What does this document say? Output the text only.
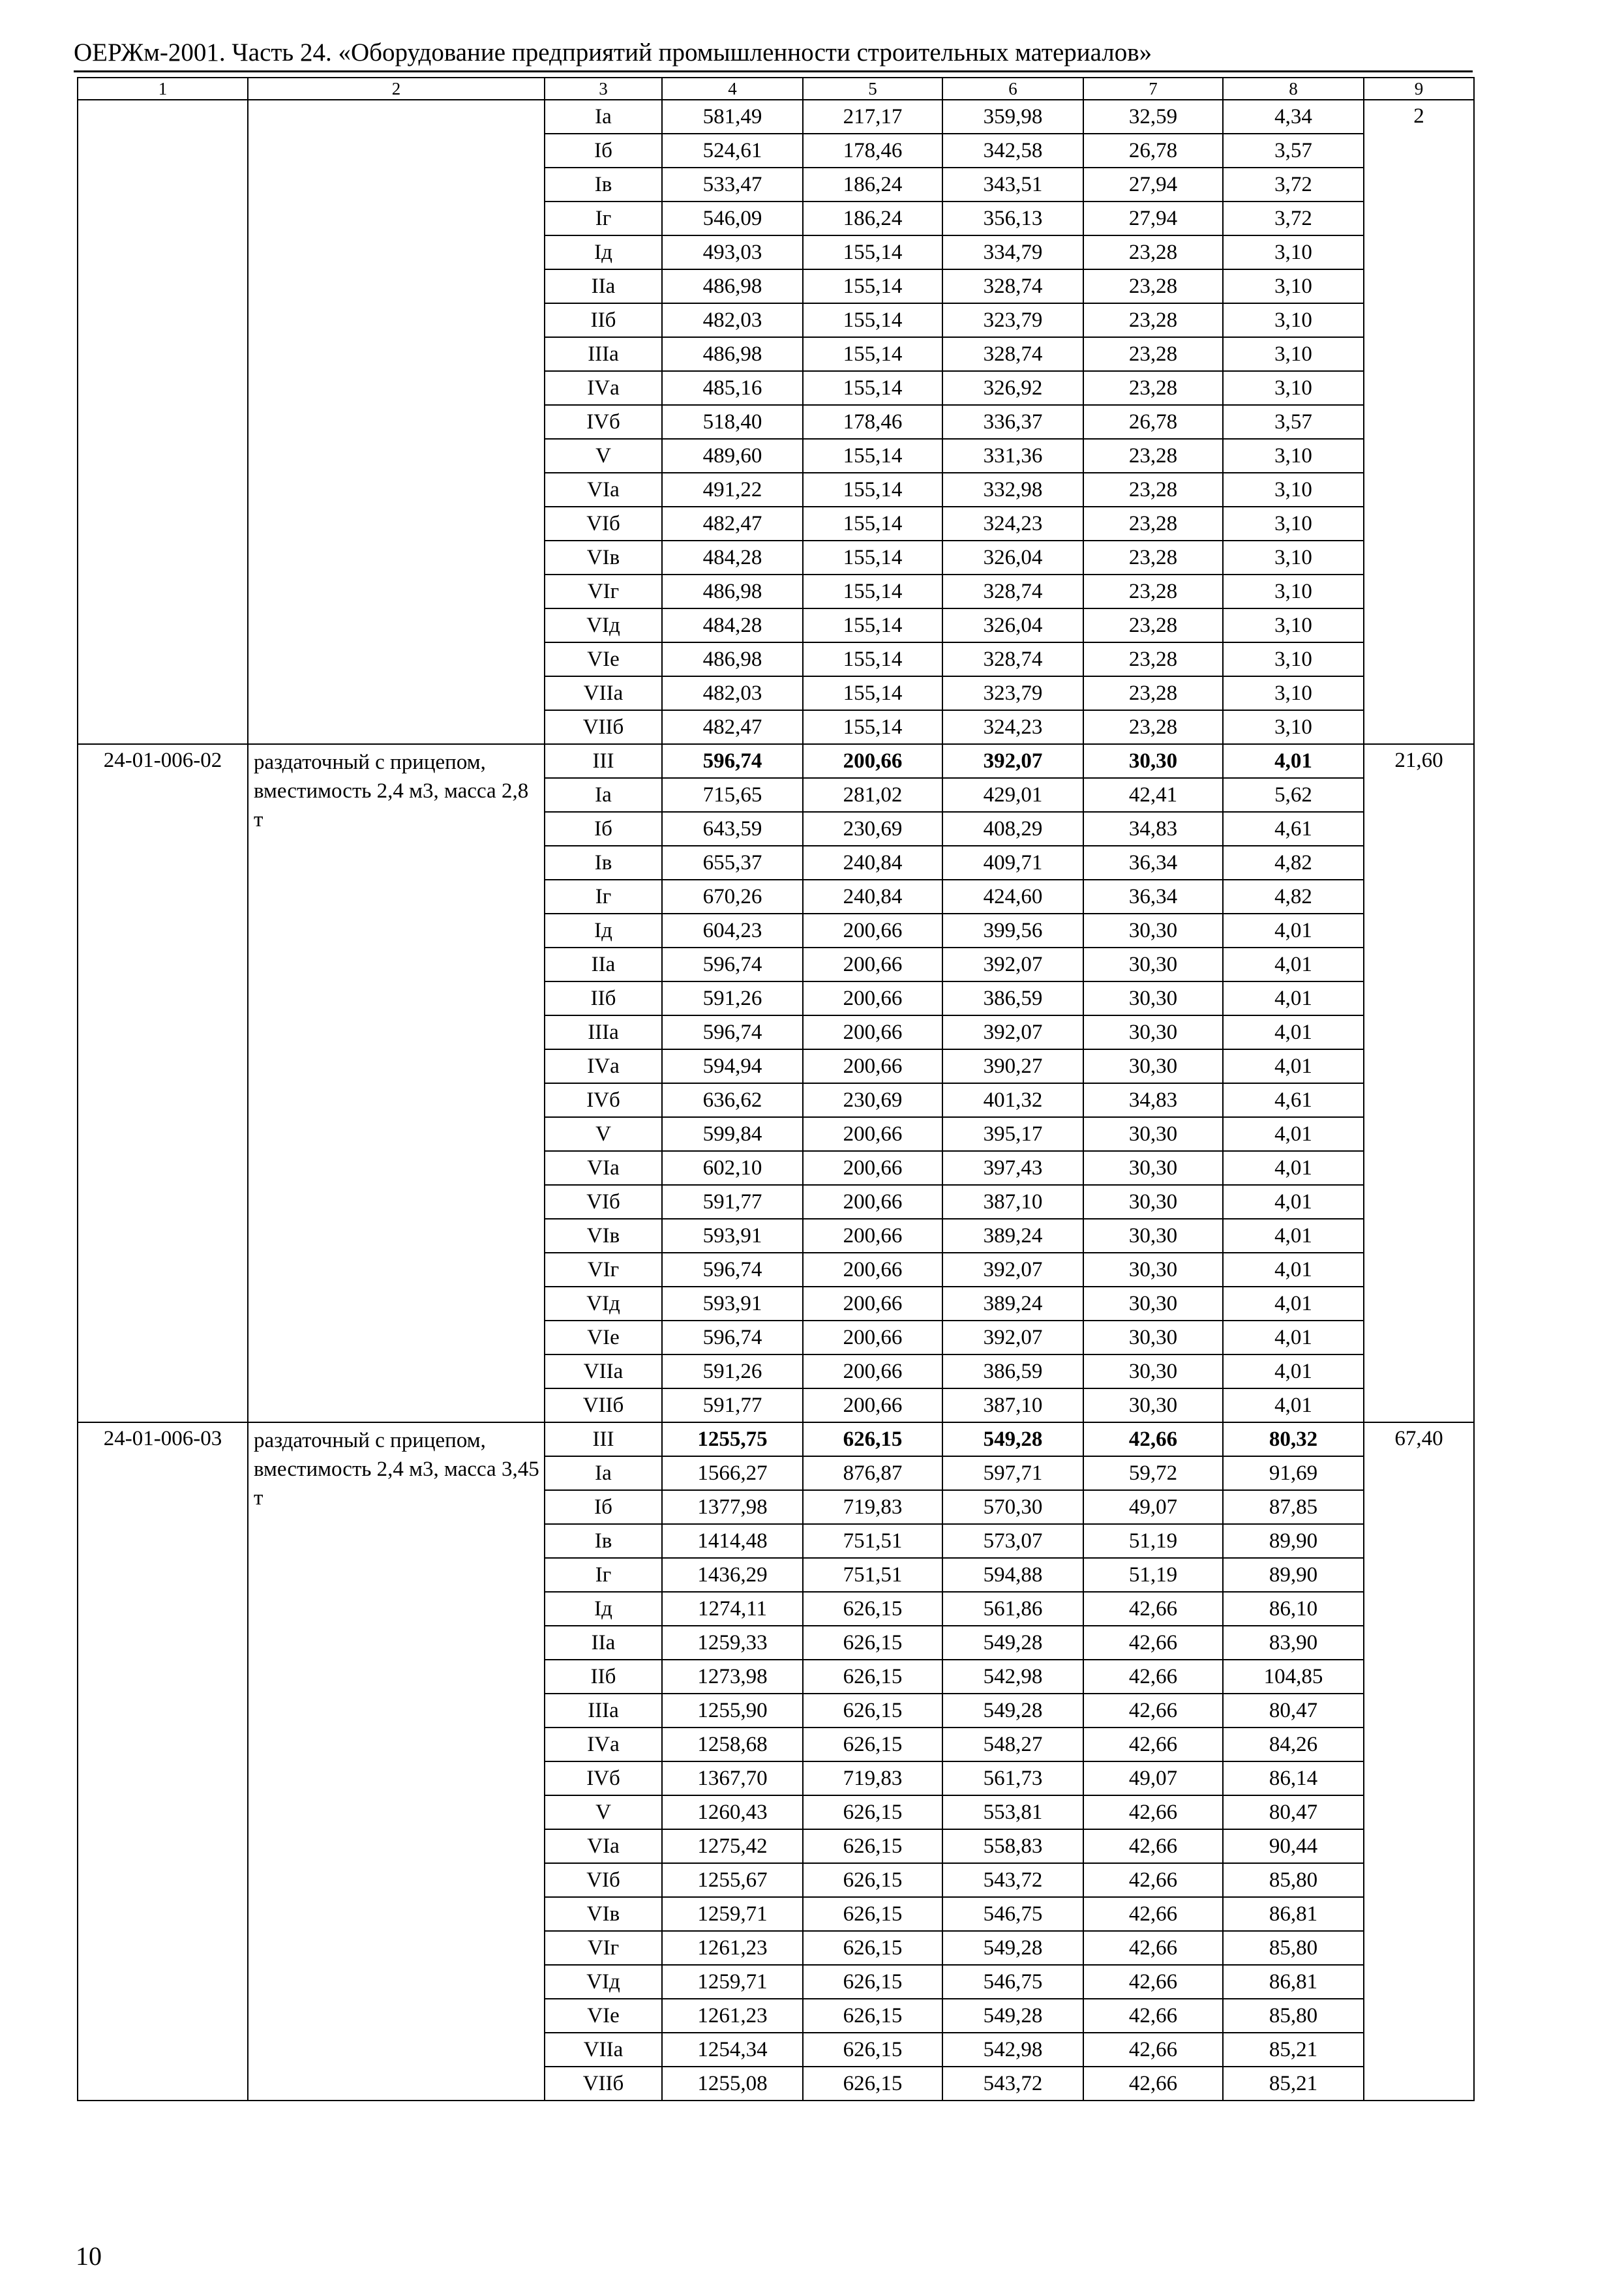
ОЕРЖм-2001. Часть 24. «Оборудование предприятий промышленности строительных материалов»
1	2	3	4	5	6	7	8	9
		Iа	581,49	217,17	359,98	32,59	4,34	2
		Iб	524,61	178,46	342,58	26,78	3,57	
		Iв	533,47	186,24	343,51	27,94	3,72	
		Iг	546,09	186,24	356,13	27,94	3,72	
		Iд	493,03	155,14	334,79	23,28	3,10	
		IIа	486,98	155,14	328,74	23,28	3,10	
		IIб	482,03	155,14	323,79	23,28	3,10	
		IIIа	486,98	155,14	328,74	23,28	3,10	
		IVа	485,16	155,14	326,92	23,28	3,10	
		IVб	518,40	178,46	336,37	26,78	3,57	
		V	489,60	155,14	331,36	23,28	3,10	
		VIа	491,22	155,14	332,98	23,28	3,10	
		VIб	482,47	155,14	324,23	23,28	3,10	
		VIв	484,28	155,14	326,04	23,28	3,10	
		VIг	486,98	155,14	328,74	23,28	3,10	
		VIд	484,28	155,14	326,04	23,28	3,10	
		VIе	486,98	155,14	328,74	23,28	3,10	
		VIIа	482,03	155,14	323,79	23,28	3,10	
		VIIб	482,47	155,14	324,23	23,28	3,10	
24-01-006-02	раздаточный с прицепом, вместимость 2,4 м3, масса 2,8 т	III	596,74	200,66	392,07	30,30	4,01	21,60
		Iа	715,65	281,02	429,01	42,41	5,62	
		Iб	643,59	230,69	408,29	34,83	4,61	
		Iв	655,37	240,84	409,71	36,34	4,82	
		Iг	670,26	240,84	424,60	36,34	4,82	
		Iд	604,23	200,66	399,56	30,30	4,01	
		IIа	596,74	200,66	392,07	30,30	4,01	
		IIб	591,26	200,66	386,59	30,30	4,01	
		IIIа	596,74	200,66	392,07	30,30	4,01	
		IVа	594,94	200,66	390,27	30,30	4,01	
		IVб	636,62	230,69	401,32	34,83	4,61	
		V	599,84	200,66	395,17	30,30	4,01	
		VIа	602,10	200,66	397,43	30,30	4,01	
		VIб	591,77	200,66	387,10	30,30	4,01	
		VIв	593,91	200,66	389,24	30,30	4,01	
		VIг	596,74	200,66	392,07	30,30	4,01	
		VIд	593,91	200,66	389,24	30,30	4,01	
		VIе	596,74	200,66	392,07	30,30	4,01	
		VIIа	591,26	200,66	386,59	30,30	4,01	
		VIIб	591,77	200,66	387,10	30,30	4,01	
24-01-006-03	раздаточный с прицепом, вместимость 2,4 м3, масса 3,45 т	III	1255,75	626,15	549,28	42,66	80,32	67,40
		Iа	1566,27	876,87	597,71	59,72	91,69	
		Iб	1377,98	719,83	570,30	49,07	87,85	
		Iв	1414,48	751,51	573,07	51,19	89,90	
		Iг	1436,29	751,51	594,88	51,19	89,90	
		Iд	1274,11	626,15	561,86	42,66	86,10	
		IIа	1259,33	626,15	549,28	42,66	83,90	
		IIб	1273,98	626,15	542,98	42,66	104,85	
		IIIа	1255,90	626,15	549,28	42,66	80,47	
		IVа	1258,68	626,15	548,27	42,66	84,26	
		IVб	1367,70	719,83	561,73	49,07	86,14	
		V	1260,43	626,15	553,81	42,66	80,47	
		VIа	1275,42	626,15	558,83	42,66	90,44	
		VIб	1255,67	626,15	543,72	42,66	85,80	
		VIв	1259,71	626,15	546,75	42,66	86,81	
		VIг	1261,23	626,15	549,28	42,66	85,80	
		VIд	1259,71	626,15	546,75	42,66	86,81	
		VIе	1261,23	626,15	549,28	42,66	85,80	
		VIIа	1254,34	626,15	542,98	42,66	85,21	
		VIIб	1255,08	626,15	543,72	42,66	85,21	
10
